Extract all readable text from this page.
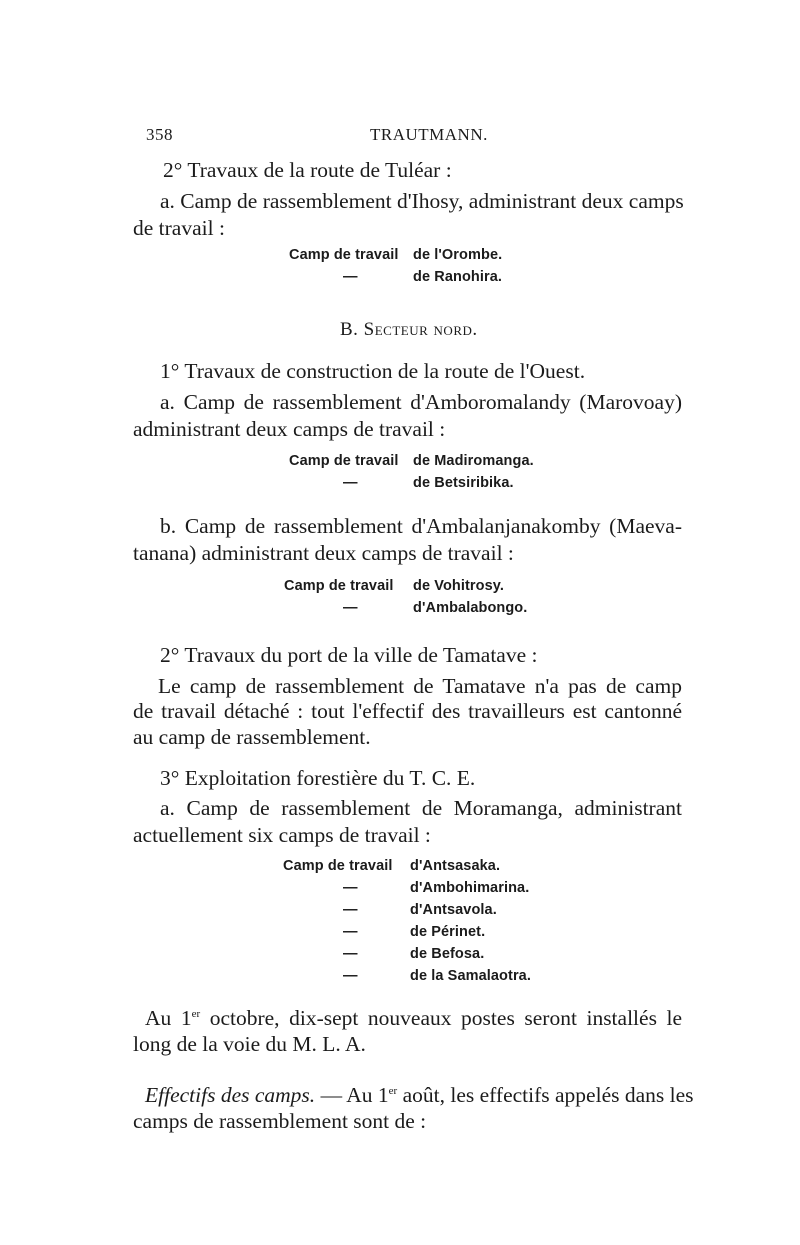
358	TRAUTMANN.
2° Travaux de la route de Tuléar :
a. Camp de rassemblement d'Ihosy, administrant deux camps
de travail :
Camp de travail de l'Orombe.
—	de Ranohira.
B. Secteur nord.
1° Travaux de construction de la route de l'Ouest.
a. Camp de rassemblement d'Amboromalandy (Marovoay)
administrant deux camps de travail :
Camp de travail de Madiromanga.
—	de Betsiribika.
b. Camp de rassemblement d'Ambalanjanakomby (Maeva-
tanana) administrant deux camps de travail :
Camp de travail de Vohitrosy.
—	d'Ambalabongo.
2° Travaux du port de la ville de Tamatave :
Le camp de rassemblement de Tamatave n'a pas de camp
de travail détaché : tout l'effectif des travailleurs est cantonné
au camp de rassemblement.
3° Exploitation forestière du T. C. E.
a. Camp de rassemblement de Moramanga, administrant
actuellement six camps de travail :
Camp de travail d'Antsasaka.
—	d'Ambohimarina.
—	d'Antsavola.
—	de Périnet.
—	de Befosa.
—	de la Samalaotra.
Au 1er octobre, dix-sept nouveaux postes seront installés le
long de la voie du M. L. A.
Effectifs des camps. — Au 1er août, les effectifs appelés dans les
camps de rassemblement sont de :
